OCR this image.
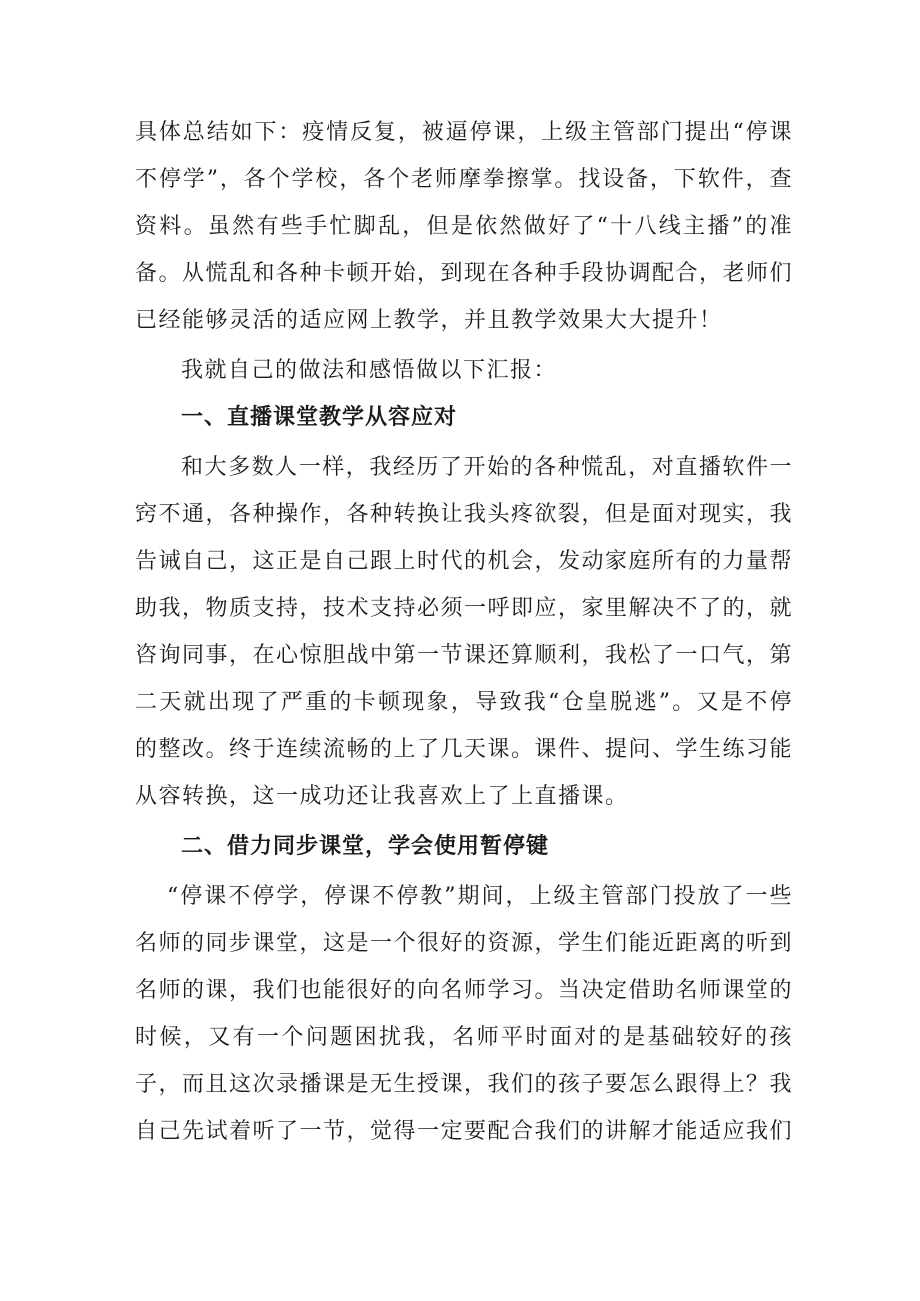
具体总结如下：疫情反复，被逼停课，上级主管部门提出“停课不停学”，各个学校，各个老师摩拳擦掌。找设备，下软件，查资料。虽然有些手忙脚乱，但是依然做好了“十八线主播”的准备。从慌乱和各种卡顿开始，到现在各种手段协调配合，老师们已经能够灵活的适应网上教学，并且教学效果大大提升！

我就自己的做法和感悟做以下汇报：

一、直播课堂教学从容应对

和大多数人一样，我经历了开始的各种慌乱，对直播软件一窍不通，各种操作，各种转换让我头疼欲裂，但是面对现实，我告诫自己，这正是自己跟上时代的机会，发动家庭所有的力量帮助我，物质支持，技术支持必须一呼即应，家里解决不了的，就咨询同事，在心惊胆战中第一节课还算顺利，我松了一口气，第二天就出现了严重的卡顿现象，导致我“仓皇脱逃”。又是不停的整改。终于连续流畅的上了几天课。课件、提问、学生练习能从容转换，这一成功还让我喜欢上了上直播课。

二、借力同步课堂，学会使用暂停键

“停课不停学，停课不停教”期间，上级主管部门投放了一些名师的同步课堂，这是一个很好的资源，学生们能近距离的听到名师的课，我们也能很好的向名师学习。当决定借助名师课堂的时候，又有一个问题困扰我，名师平时面对的是基础较好的孩子，而且这次录播课是无生授课，我们的孩子要怎么跟得上？我自己先试着听了一节，觉得一定要配合我们的讲解才能适应我们
